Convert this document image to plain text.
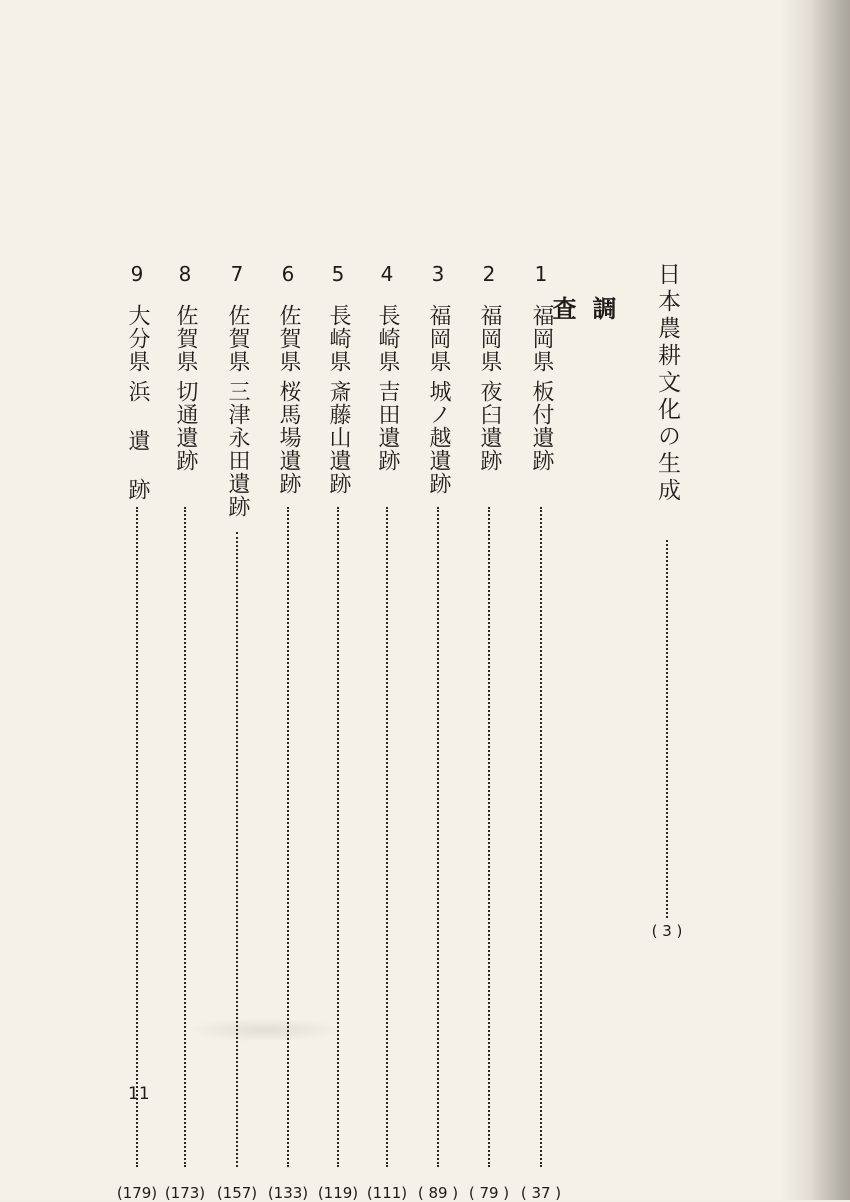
日本農耕文化の生成
( 3 )
調査
1
福岡県
板付遺跡
( 37 )
2
福岡県
夜臼遺跡
( 79 )
3
福岡県
城ノ越遺跡
( 89 )
4
長崎県
吉田遺跡
(111)
5
長崎県
斎藤山遺跡
(119)
6
佐賀県
桜馬場遺跡
(133)
7
佐賀県
三津永田遺跡
(157)
8
佐賀県
切通遺跡
(173)
9
大分県
浜 遺 跡
(179)
11
